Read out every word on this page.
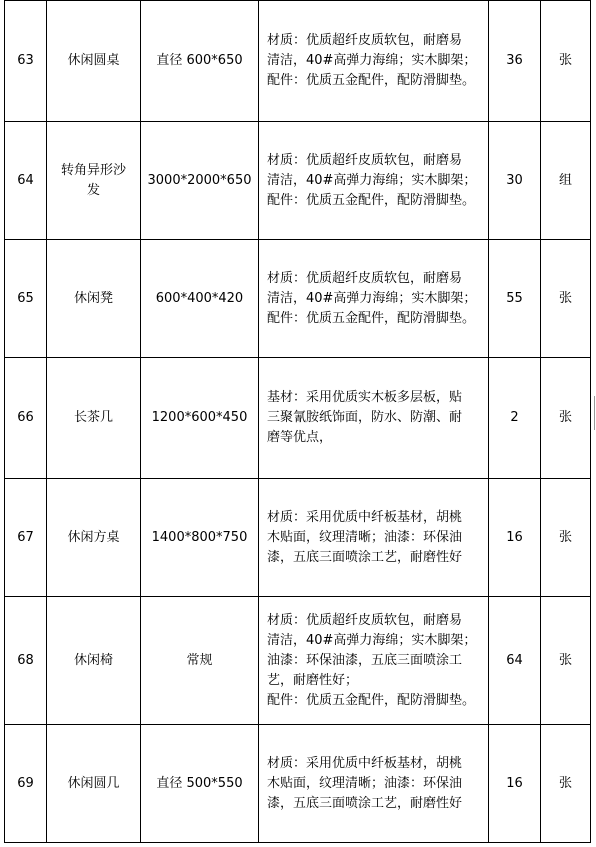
63	休闲圆桌	直径 600*650	材质：优质超纤皮质软包，耐磨易
清洁，40#高弹力海绵；实木脚架；
配件：优质五金配件，配防滑脚垫。	36	张
64	转角异形沙发	3000*2000*650	材质：优质超纤皮质软包，耐磨易
清洁，40#高弹力海绵；实木脚架；
配件：优质五金配件，配防滑脚垫。	30	组
65	休闲凳	600*400*420	材质：优质超纤皮质软包，耐磨易
清洁，40#高弹力海绵；实木脚架；
配件：优质五金配件，配防滑脚垫。	55	张
66	长茶几	1200*600*450	基材：采用优质实木板多层板，贴
三聚氰胺纸饰面，防水、防潮、耐
磨等优点，	2	张
67	休闲方桌	1400*800*750	材质：采用优质中纤板基材，胡桃
木贴面，纹理清晰；油漆：环保油
漆，五底三面喷涂工艺，耐磨性好	16	张
68	休闲椅	常规	材质：优质超纤皮质软包，耐磨易
清洁，40#高弹力海绵；实木脚架；
油漆：环保油漆，五底三面喷涂工
艺，耐磨性好；
配件：优质五金配件，配防滑脚垫。	64	张
69	休闲圆几	直径 500*550	材质：采用优质中纤板基材，胡桃
木贴面，纹理清晰；油漆：环保油
漆，五底三面喷涂工艺，耐磨性好	16	张
